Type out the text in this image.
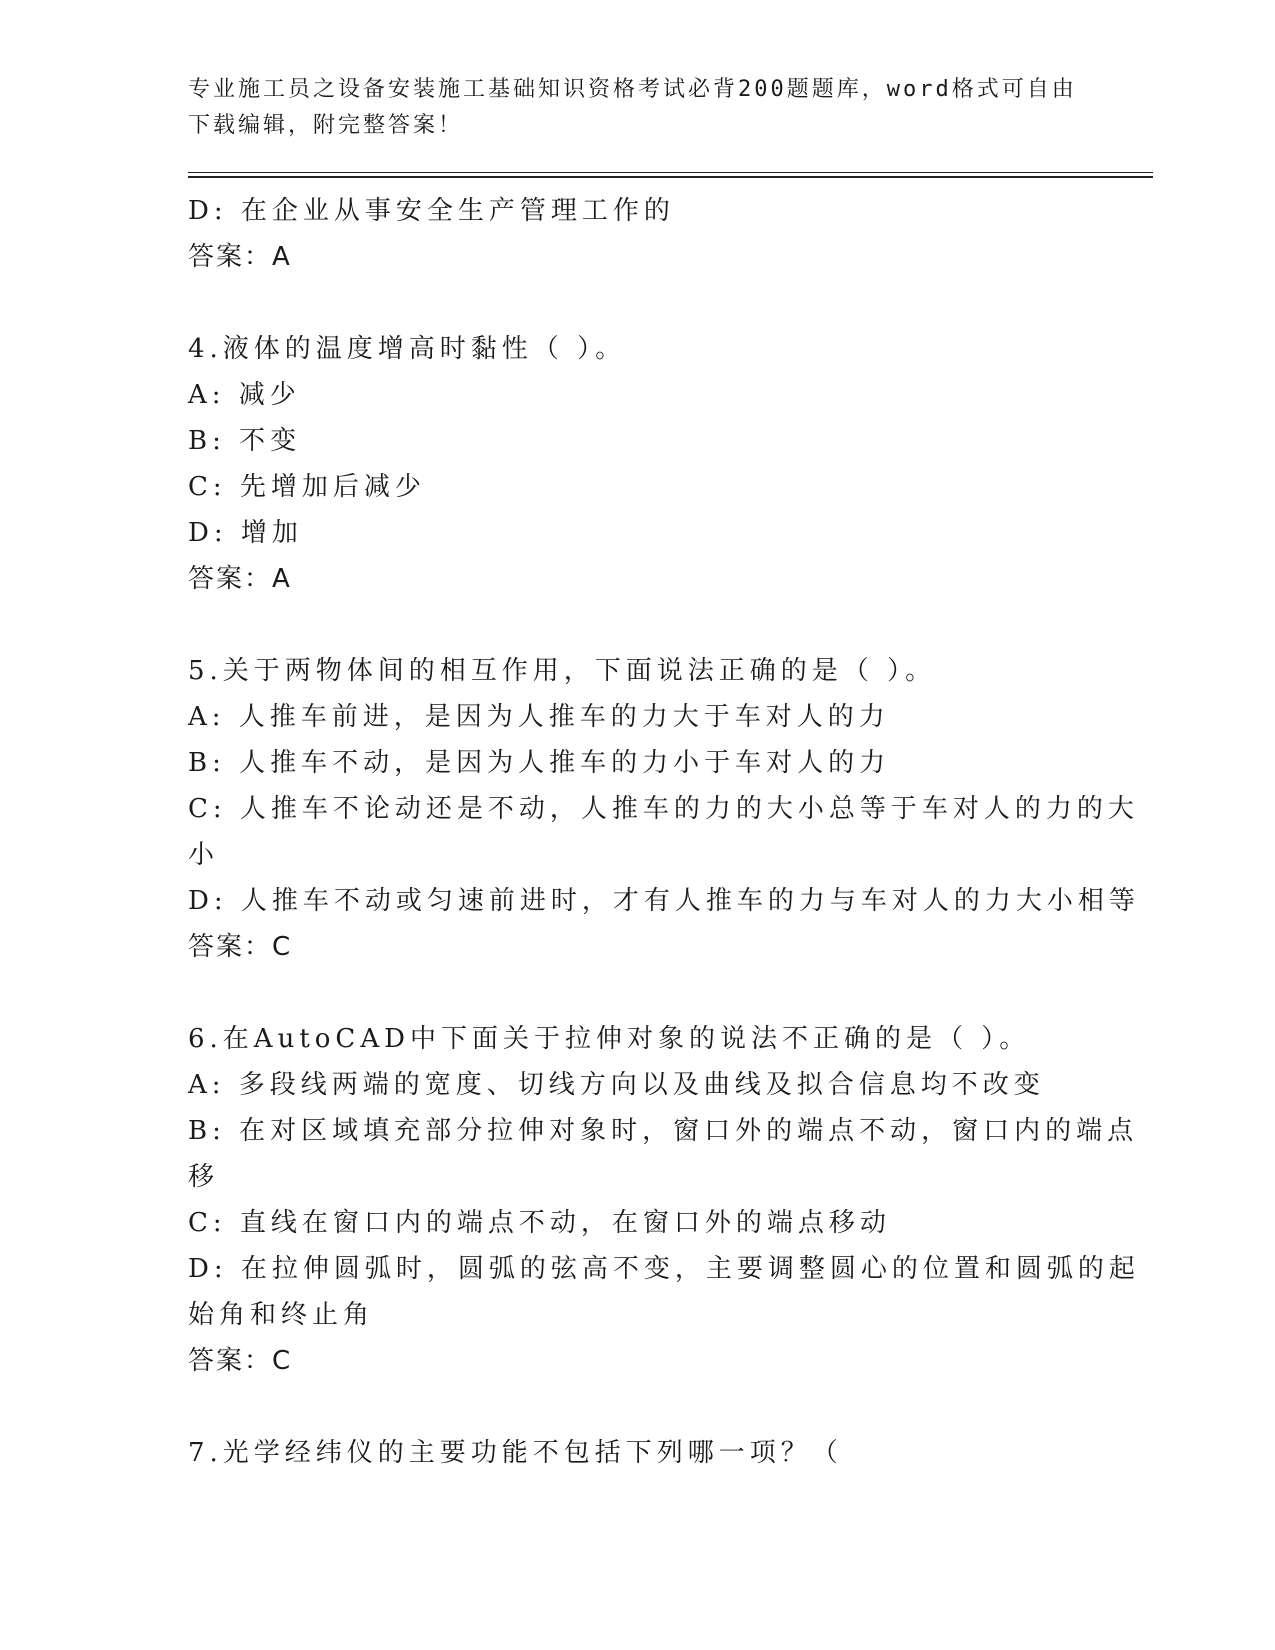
专业施工员之设备安装施工基础知识资格考试必背200题题库，word格式可自由下载编辑，附完整答案！
D: 在企业从事安全生产管理工作的
答案：A
4.液体的温度增高时黏性（ ）。
A: 减少
B: 不变
C: 先增加后减少
D: 增加
答案：A
5.关于两物体间的相互作用，下面说法正确的是（ ）。
A: 人推车前进，是因为人推车的力大于车对人的力
B: 人推车不动，是因为人推车的力小于车对人的力
C: 人推车不论动还是不动，人推车的力的大小总等于车对人的力的大
小
D: 人推车不动或匀速前进时，才有人推车的力与车对人的力大小相等
答案：C
6.在AutoCAD中下面关于拉伸对象的说法不正确的是（ ）。
A: 多段线两端的宽度、切线方向以及曲线及拟合信息均不改变
B: 在对区域填充部分拉伸对象时，窗口外的端点不动，窗口内的端点
移
C: 直线在窗口内的端点不动，在窗口外的端点移动
D: 在拉伸圆弧时，圆弧的弦高不变，主要调整圆心的位置和圆弧的起
始角和终止角
答案：C
7.光学经纬仪的主要功能不包括下列哪一项？（
